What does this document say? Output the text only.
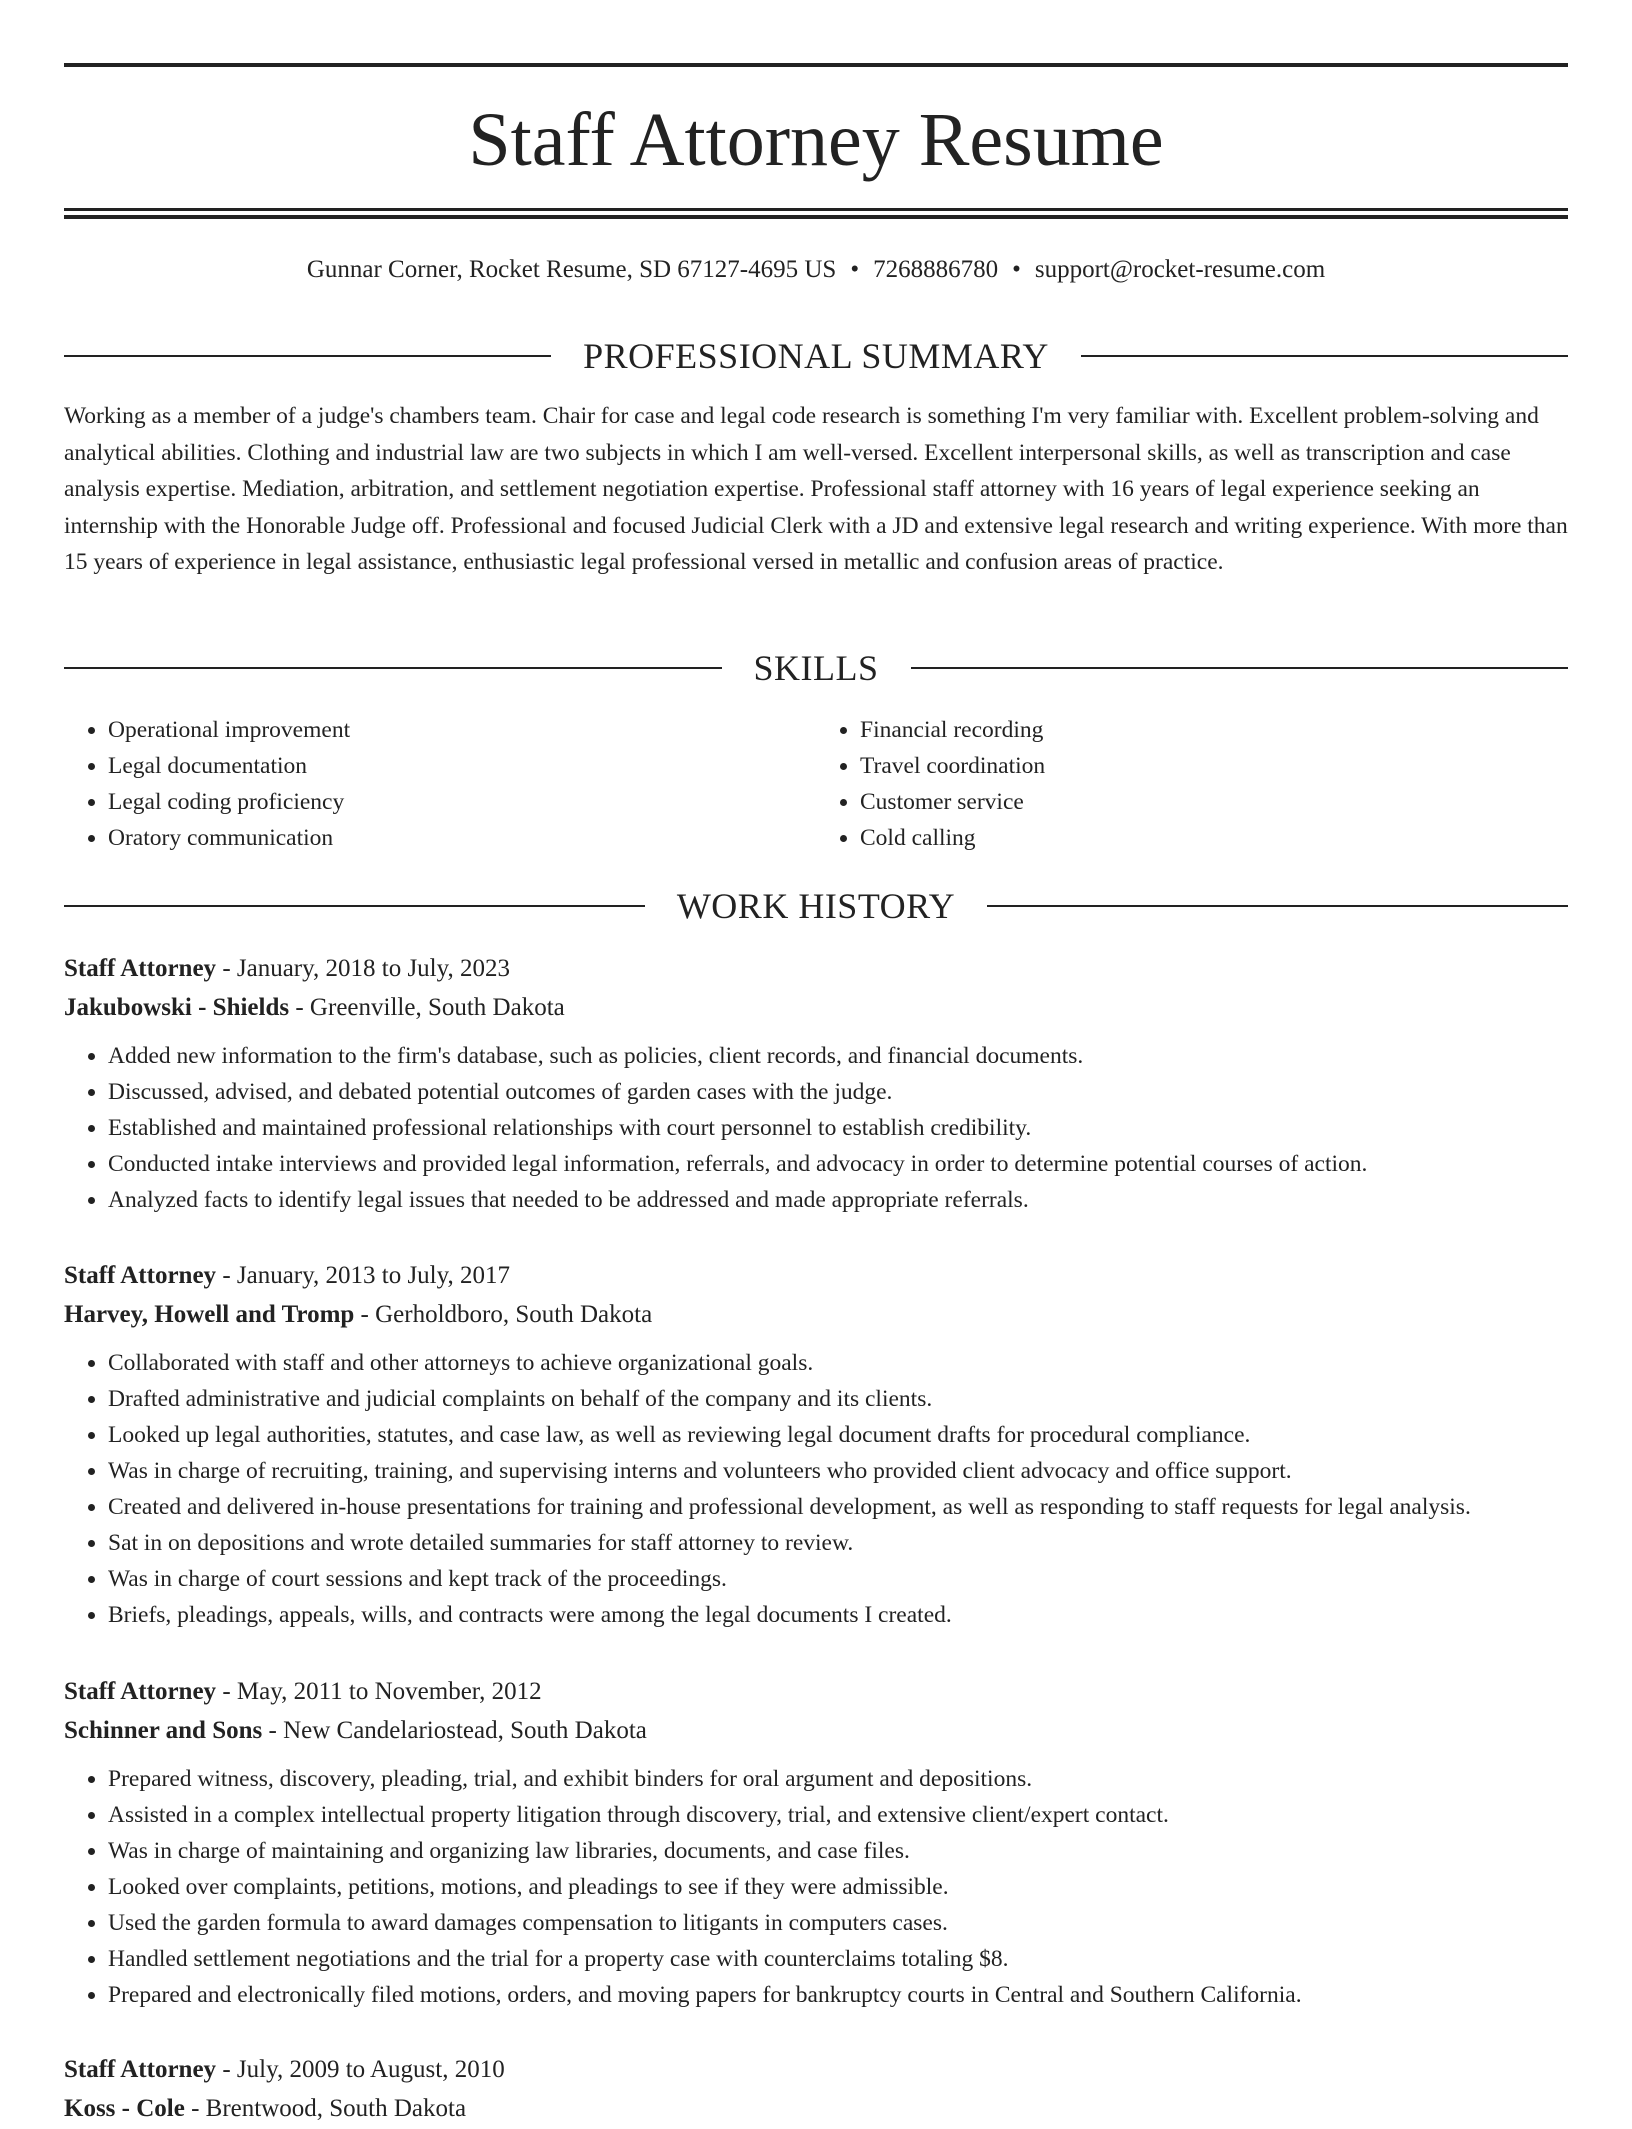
Staff Attorney Resume
Gunnar Corner, Rocket Resume, SD 67127-4695 US • 7268886780 • support@rocket-resume.com
PROFESSIONAL SUMMARY

Working as a member of a judge's chambers team. Chair for case and legal code research is something I'm very familiar with. Excellent problem-solving and analytical abilities. Clothing and industrial law are two subjects in which I am well-versed. Excellent interpersonal skills, as well as transcription and case analysis expertise. Mediation, arbitration, and settlement negotiation expertise. Professional staff attorney with 16 years of legal experience seeking an internship with the Honorable Judge off. Professional and focused Judicial Clerk with a JD and extensive legal research and writing experience. With more than 15 years of experience in legal assistance, enthusiastic legal professional versed in metallic and confusion areas of practice.

SKILLS
• Operational improvement
• Legal documentation
• Legal coding proficiency
• Oratory communication
• Financial recording
• Travel coordination
• Customer service
• Cold calling
WORK HISTORY
Staff Attorney - January, 2018 to July, 2023
Jakubowski - Shields - Greenville, South Dakota
• Added new information to the firm's database, such as policies, client records, and financial documents.
• Discussed, advised, and debated potential outcomes of garden cases with the judge.
• Established and maintained professional relationships with court personnel to establish credibility.
• Conducted intake interviews and provided legal information, referrals, and advocacy in order to determine potential courses of action.
• Analyzed facts to identify legal issues that needed to be addressed and made appropriate referrals.
Staff Attorney - January, 2013 to July, 2017
Harvey, Howell and Tromp - Gerholdboro, South Dakota
• Collaborated with staff and other attorneys to achieve organizational goals.
• Drafted administrative and judicial complaints on behalf of the company and its clients.
• Looked up legal authorities, statutes, and case law, as well as reviewing legal document drafts for procedural compliance.
• Was in charge of recruiting, training, and supervising interns and volunteers who provided client advocacy and office support.
• Created and delivered in-house presentations for training and professional development, as well as responding to staff requests for legal analysis.
• Sat in on depositions and wrote detailed summaries for staff attorney to review.
• Was in charge of court sessions and kept track of the proceedings.
• Briefs, pleadings, appeals, wills, and contracts were among the legal documents I created.
Staff Attorney - May, 2011 to November, 2012
Schinner and Sons - New Candelariostead, South Dakota
• Prepared witness, discovery, pleading, trial, and exhibit binders for oral argument and depositions.
• Assisted in a complex intellectual property litigation through discovery, trial, and extensive client/expert contact.
• Was in charge of maintaining and organizing law libraries, documents, and case files.
• Looked over complaints, petitions, motions, and pleadings to see if they were admissible.
• Used the garden formula to award damages compensation to litigants in computers cases.
• Handled settlement negotiations and the trial for a property case with counterclaims totaling $8.
• Prepared and electronically filed motions, orders, and moving papers for bankruptcy courts in Central and Southern California.
Staff Attorney - July, 2009 to August, 2010
Koss - Cole - Brentwood, South Dakota
